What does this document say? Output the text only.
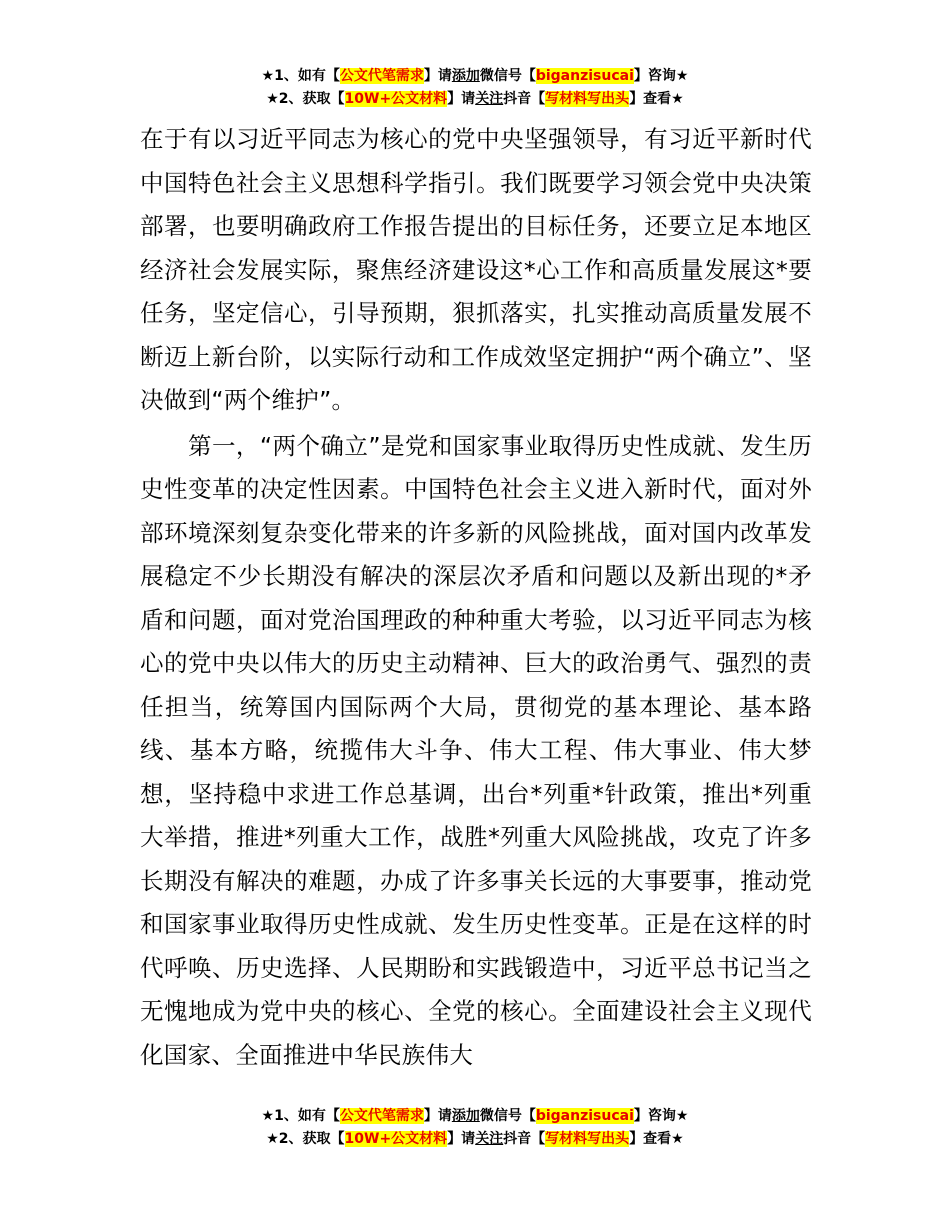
★1、如有【公文代笔需求】请添加微信号【biganzisucai】咨询★
★2、获取【10W+公文材料】请关注抖音【写材料写出头】查看★

在于有以习近平同志为核心的党中央坚强领导，有习近平新时代中国特色社会主义思想科学指引。我们既要学习领会党中央决策部署，也要明确政府工作报告提出的目标任务，还要立足本地区经济社会发展实际，聚焦经济建设这*心工作和高质量发展这*要任务，坚定信心，引导预期，狠抓落实，扎实推动高质量发展不断迈上新台阶，以实际行动和工作成效坚定拥护“两个确立”、坚决做到“两个维护”。

第一，“两个确立”是党和国家事业取得历史性成就、发生历史性变革的决定性因素。中国特色社会主义进入新时代，面对外部环境深刻复杂变化带来的许多新的风险挑战，面对国内改革发展稳定不少长期没有解决的深层次矛盾和问题以及新出现的*矛盾和问题，面对党治国理政的种种重大考验，以习近平同志为核心的党中央以伟大的历史主动精神、巨大的政治勇气、强烈的责任担当，统筹国内国际两个大局，贯彻党的基本理论、基本路线、基本方略，统揽伟大斗争、伟大工程、伟大事业、伟大梦想，坚持稳中求进工作总基调，出台*列重*针政策，推出*列重大举措，推进*列重大工作，战胜*列重大风险挑战，攻克了许多长期没有解决的难题，办成了许多事关长远的大事要事，推动党和国家事业取得历史性成就、发生历史性变革。正是在这样的时代呼唤、历史选择、人民期盼和实践锻造中，习近平总书记当之无愧地成为党中央的核心、全党的核心。全面建设社会主义现代化国家、全面推进中华民族伟大

★1、如有【公文代笔需求】请添加微信号【biganzisucai】咨询★
★2、获取【10W+公文材料】请关注抖音【写材料写出头】查看★
